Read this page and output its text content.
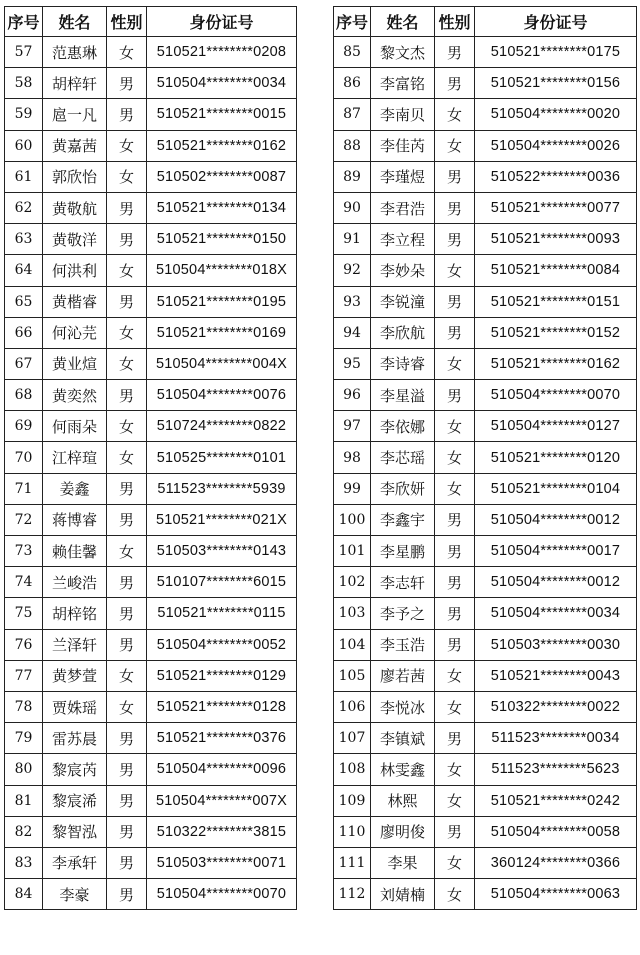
序号	姓名	性别	身份证号
57	范惠琳	女	510521********0208
58	胡梓轩	男	510504********0034
59	扈一凡	男	510521********0015
60	黄嘉茜	女	510521********0162
61	郭欣怡	女	510502********0087
62	黄敬航	男	510521********0134
63	黄敬洋	男	510521********0150
64	何洪利	女	510504********018X
65	黄楷睿	男	510521********0195
66	何沁芫	女	510521********0169
67	黄业煊	女	510504********004X
68	黄奕然	男	510504********0076
69	何雨朵	女	510724********0822
70	江梓瑄	女	510525********0101
71	姜鑫	男	511523********5939
72	蒋博睿	男	510521********021X
73	赖佳馨	女	510503********0143
74	兰峻浩	男	510107********6015
75	胡梓铭	男	510521********0115
76	兰泽轩	男	510504********0052
77	黄梦萱	女	510521********0129
78	贾姝瑶	女	510521********0128
79	雷苏晨	男	510521********0376
80	黎宸芮	男	510504********0096
81	黎宸浠	男	510504********007X
82	黎智泓	男	510322********3815
83	李承轩	男	510503********0071
84	李豪	男	510504********0070
序号	姓名	性别	身份证号
85	黎文杰	男	510521********0175
86	李富铭	男	510521********0156
87	李南贝	女	510504********0020
88	李佳芮	女	510504********0026
89	李瑾煜	男	510522********0036
90	李君浩	男	510521********0077
91	李立程	男	510521********0093
92	李妙朵	女	510521********0084
93	李锐潼	男	510521********0151
94	李欣航	男	510521********0152
95	李诗睿	女	510521********0162
96	李星溢	男	510504********0070
97	李依娜	女	510504********0127
98	李芯瑶	女	510521********0120
99	李欣妍	女	510521********0104
100	李鑫宇	男	510504********0012
101	李星鹏	男	510504********0017
102	李志轩	男	510504********0012
103	李予之	男	510504********0034
104	李玉浩	男	510503********0030
105	廖若茜	女	510521********0043
106	李悦冰	女	510322********0022
107	李镇斌	男	511523********0034
108	林雯鑫	女	511523********5623
109	林熙	女	510521********0242
110	廖明俊	男	510504********0058
111	李果	女	360124********0366
112	刘婧楠	女	510504********0063
